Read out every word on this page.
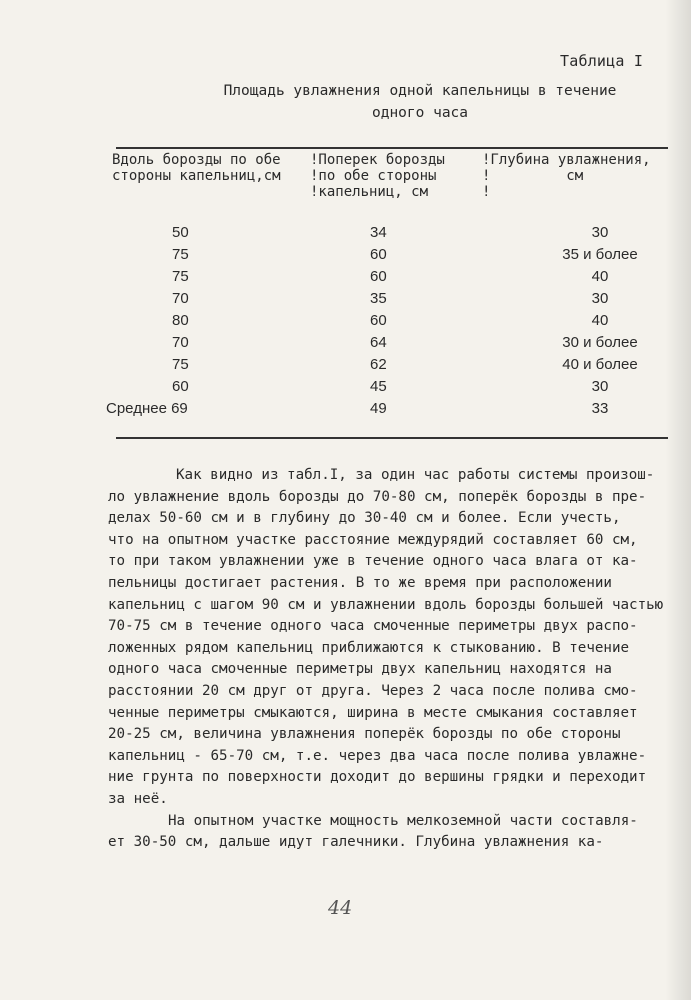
Таблица I
Площадь увлажнения одной капельницы в течение
одного часа
Вдоль борозды по обе
стороны капельниц,см
!Поперек борозды
!по обе стороны
!капельниц, см
!Глубина увлажнения,
!         см
!
50	34	30
75	60	35 и более
75	60	40
70	35	30
80	60	40
70	64	30 и более
75	62	40 и более
60	45	30
Среднее 69	49	33
Как видно из табл.I, за один час работы системы произош-
ло увлажнение вдоль борозды до 70-80 см, поперёк борозды в пре-
делах 50-60 см и в глубину до 30-40 см и более. Если учесть,
что на опытном участке расстояние междурядий составляет 60 см,
то при таком увлажнении уже в течение одного часа влага от ка-
пельницы достигает растения. В то же время при расположении
капельниц с шагом 90 см и увлажнении вдоль борозды большей частью
70-75 см в течение одного часа смоченные периметры двух распо-
ложенных рядом капельниц приближаются к стыкованию. В течение
одного часа смоченные периметры двух капельниц находятся на
расстоянии 20 см друг от друга. Через 2 часа после полива смо-
ченные периметры смыкаются, ширина в месте смыкания составляет
20-25 см, величина увлажнения поперёк борозды по обе стороны
капельниц - 65-70 см, т.е. через два часа после полива увлажне-
ние грунта по поверхности доходит до вершины грядки и переходит
за неё.
На опытном участке мощность мелкоземной части составля-
ет 30-50 см, дальше идут галечники. Глубина увлажнения ка-
44
